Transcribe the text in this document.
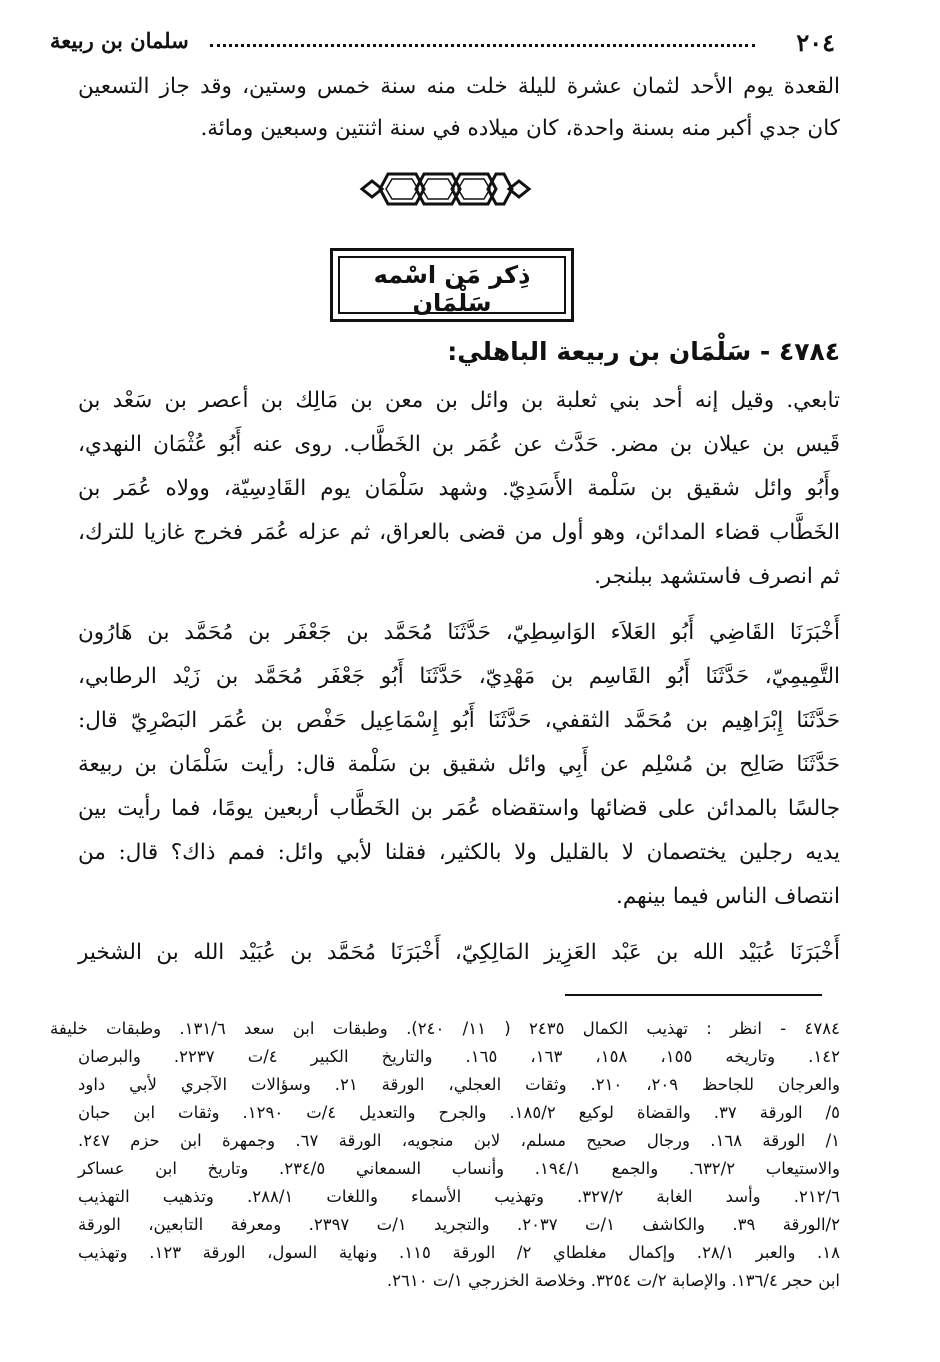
٢٠٤
سلمان بن ربيعة
القعدة يوم الأحد لثمان عشرة لليلة خلت منه سنة خمس وستين، وقد جاز التسعين
كان جدي أكبر منه بسنة واحدة، كان ميلاده في سنة اثنتين وسبعين ومائة.
ذِكر مَن اسْمه سَلْمَان
٤٧٨٤ - سَلْمَان بن ربيعة الباهلي:
تابعي. وقيل إنه أحد بني ثعلبة بن وائل بن معن بن مَالِك بن أعصر بن سَعْد بن
قَيس بن عيلان بن مضر. حَدَّث عن عُمَر بن الخَطَّاب. روى عنه أَبُو عُثْمَان النهدي،
وأَبُو وائل شقيق بن سَلْمة الأَسَدِيّ. وشهد سَلْمَان يوم القَادِسِيّة، وولاه عُمَر بن
الخَطَّاب قضاء المدائن، وهو أول من قضى بالعراق، ثم عزله عُمَر فخرج غازيا للترك،
ثم انصرف فاستشهد ببلنجر.
أَخْبَرَنَا القَاضِي أَبُو العَلاَء الوَاسِطِيّ، حَدَّثَنَا مُحَمَّد بن جَعْفَر بن مُحَمَّد بن هَارُون
التَّمِيمِيّ، حَدَّثَنَا أَبُو القَاسِم بن مَهْدِيّ، حَدَّثَنَا أَبُو جَعْفَر مُحَمَّد بن زَيْد الرطابي،
حَدَّثَنَا إِبْرَاهِيم بن مُحَمَّد الثقفي، حَدَّثَنَا أَبُو إِسْمَاعِيل حَفْص بن عُمَر البَصْرِيّ قال:
حَدَّثَنَا صَالِح بن مُسْلِم عن أَبِي وائل شقيق بن سَلْمة قال: رأيت سَلْمَان بن ربيعة
جالسًا بالمدائن على قضائها واستقضاه عُمَر بن الخَطَّاب أربعين يومًا، فما رأيت بين
يديه رجلين يختصمان لا بالقليل ولا بالكثير، فقلنا لأبي وائل: فمم ذاك؟ قال: من
انتصاف الناس فيما بينهم.
أَخْبَرَنَا عُبَيْد الله بن عَبْد العَزِيز المَالِكِيّ، أَخْبَرَنَا مُحَمَّد بن عُبَيْد الله بن الشخير
٤٧٨٤ - انظر : تهذيب الكمال ٢٤٣٥ ( ١١/ ٢٤٠). وطبقات ابن سعد ١٣١/٦. وطبقات خليفة
١٤٢. وتاريخه ١٥٥، ١٥٨، ١٦٣، ١٦٥. والتاريخ الكبير ٤/ت ٢٢٣٧. والبرصان
والعرجان للجاحظ ٢٠٩، ٢١٠. وثقات العجلي، الورقة ٢١. وسؤالات الآجري لأبي داود
٥/ الورقة ٣٧. والقضاة لوكيع ١٨٥/٢. والجرح والتعديل ٤/ت ١٢٩٠. وثقات ابن حبان
١/ الورقة ١٦٨. ورجال صحيح مسلم، لابن منجويه، الورقة ٦٧. وجمهرة ابن حزم ٢٤٧.
والاستيعاب ٦٣٢/٢. والجمع ١٩٤/١. وأنساب السمعاني ٢٣٤/٥. وتاريخ ابن عساكر
٢١٢/٦. وأسد الغابة ٣٢٧/٢. وتهذيب الأسماء واللغات ٢٨٨/١. وتذهيب التهذيب
٢/الورقة ٣٩. والكاشف ١/ت ٢٠٣٧. والتجريد ١/ت ٢٣٩٧. ومعرفة التابعين، الورقة
١٨. والعبر ٢٨/١. وإكمال مغلطاي ٢/ الورقة ١١٥. ونهاية السول، الورقة ١٢٣. وتهذيب
ابن حجر ١٣٦/٤. والإصابة ٢/ت ٣٢٥٤. وخلاصة الخزرجي ١/ت ٢٦١٠.
